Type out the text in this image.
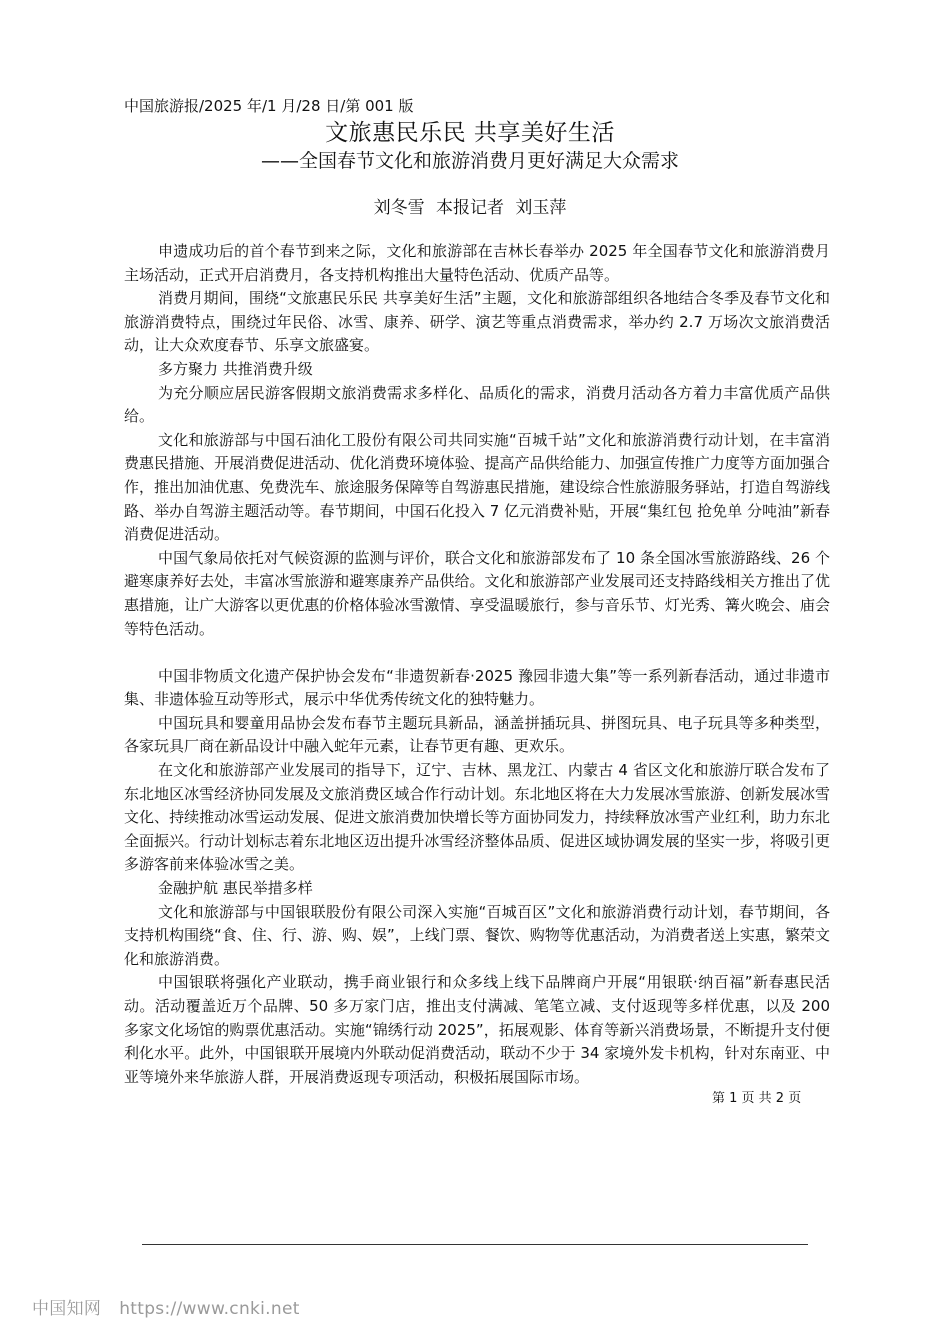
中国旅游报/2025 年/1 月/28 日/第 001 版
文旅惠民乐民 共享美好生活
——全国春节文化和旅游消费月更好满足大众需求
刘冬雪 本报记者 刘玉萍

申遗成功后的首个春节到来之际，文化和旅游部在吉林长春举办 2025 年全国春节文化和旅游消费月主场活动，正式开启消费月，各支持机构推出大量特色活动、优质产品等。

消费月期间，围绕“文旅惠民乐民 共享美好生活”主题，文化和旅游部组织各地结合冬季及春节文化和旅游消费特点，围绕过年民俗、冰雪、康养、研学、演艺等重点消费需求，举办约 2.7 万场次文旅消费活动，让大众欢度春节、乐享文旅盛宴。

多方聚力 共推消费升级

为充分顺应居民游客假期文旅消费需求多样化、品质化的需求，消费月活动各方着力丰富优质产品供给。

文化和旅游部与中国石油化工股份有限公司共同实施“百城千站”文化和旅游消费行动计划，在丰富消费惠民措施、开展消费促进活动、优化消费环境体验、提高产品供给能力、加强宣传推广力度等方面加强合作，推出加油优惠、免费洗车、旅途服务保障等自驾游惠民措施，建设综合性旅游服务驿站，打造自驾游线路、举办自驾游主题活动等。春节期间，中国石化投入 7 亿元消费补贴，开展“集红包 抢免单 分吨油”新春消费促进活动。

中国气象局依托对气候资源的监测与评价，联合文化和旅游部发布了 10 条全国冰雪旅游路线、26 个避寒康养好去处，丰富冰雪旅游和避寒康养产品供给。文化和旅游部产业发展司还支持路线相关方推出了优惠措施，让广大游客以更优惠的价格体验冰雪激情、享受温暖旅行，参与音乐节、灯光秀、篝火晚会、庙会等特色活动。

中国非物质文化遗产保护协会发布“非遗贺新春·2025 豫园非遗大集”等一系列新春活动，通过非遗市集、非遗体验互动等形式，展示中华优秀传统文化的独特魅力。

中国玩具和婴童用品协会发布春节主题玩具新品，涵盖拼插玩具、拼图玩具、电子玩具等多种类型，各家玩具厂商在新品设计中融入蛇年元素，让春节更有趣、更欢乐。

在文化和旅游部产业发展司的指导下，辽宁、吉林、黑龙江、内蒙古 4 省区文化和旅游厅联合发布了东北地区冰雪经济协同发展及文旅消费区域合作行动计划。东北地区将在大力发展冰雪旅游、创新发展冰雪文化、持续推动冰雪运动发展、促进文旅消费加快增长等方面协同发力，持续释放冰雪产业红利，助力东北全面振兴。行动计划标志着东北地区迈出提升冰雪经济整体品质、促进区域协调发展的坚实一步，将吸引更多游客前来体验冰雪之美。

金融护航 惠民举措多样

文化和旅游部与中国银联股份有限公司深入实施“百城百区”文化和旅游消费行动计划，春节期间，各支持机构围绕“食、住、行、游、购、娱”，上线门票、餐饮、购物等优惠活动，为消费者送上实惠，繁荣文化和旅游消费。

中国银联将强化产业联动，携手商业银行和众多线上线下品牌商户开展“用银联·纳百福”新春惠民活动。活动覆盖近万个品牌、50 多万家门店，推出支付满减、笔笔立减、支付返现等多样优惠，以及 200 多家文化场馆的购票优惠活动。实施“锦绣行动 2025”，拓展观影、体育等新兴消费场景，不断提升支付便利化水平。此外，中国银联开展境内外联动促消费活动，联动不少于 34 家境外发卡机构，针对东南亚、中亚等境外来华旅游人群，开展消费返现专项活动，积极拓展国际市场。

第 1 页 共 2 页
中国知网 https://www.cnki.net
